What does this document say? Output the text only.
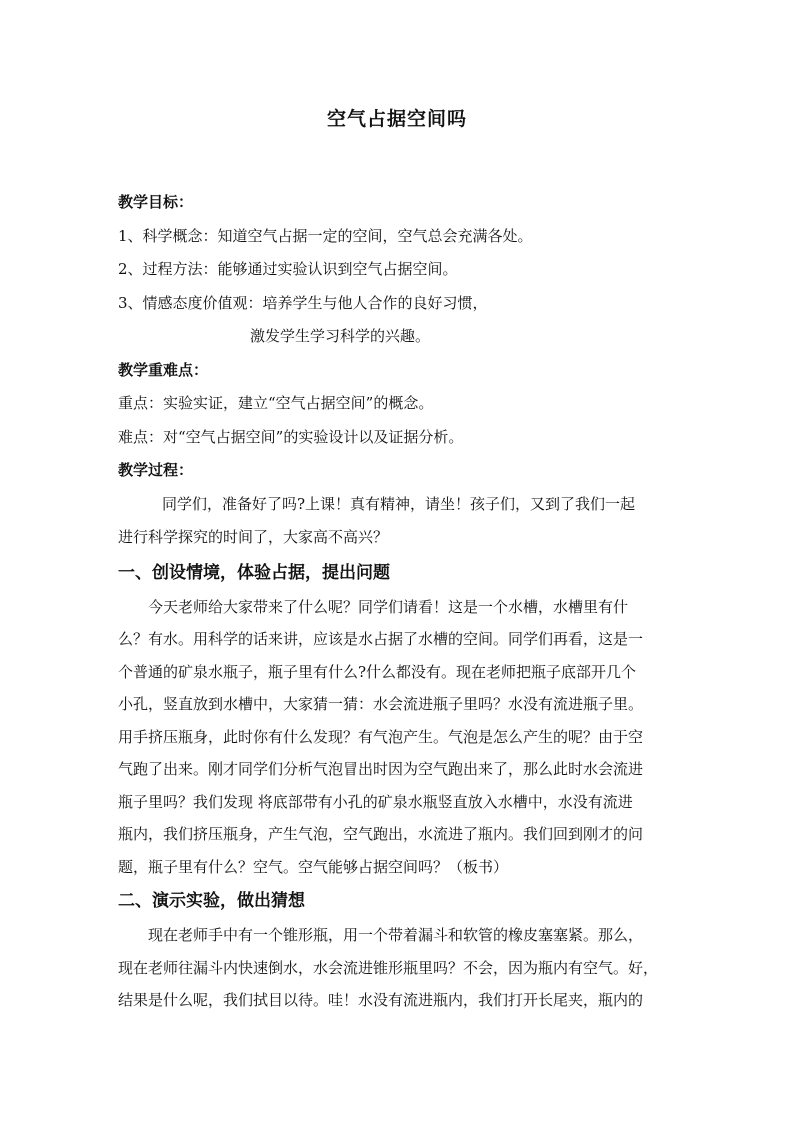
空气占据空间吗
教学目标：
1、科学概念：知道空气占据一定的空间，空气总会充满各处。
2、过程方法：能够通过实验认识到空气占据空间。
3、情感态度价值观：培养学生与他人合作的良好习惯，
激发学生学习科学的兴趣。
教学重难点：
重点：实验实证，建立“空气占据空间”的概念。
难点：对“空气占据空间”的实验设计以及证据分析。
教学过程：
同学们，准备好了吗?上课！真有精神，请坐！孩子们，又到了我们一起
进行科学探究的时间了，大家高不高兴？
一、创设情境，体验占据，提出问题
今天老师给大家带来了什么呢？同学们请看！这是一个水槽，水槽里有什
么？有水。用科学的话来讲，应该是水占据了水槽的空间。同学们再看，这是一
个普通的矿泉水瓶子，瓶子里有什么?什么都没有。现在老师把瓶子底部开几个
小孔，竖直放到水槽中，大家猜一猜：水会流进瓶子里吗？水没有流进瓶子里。
用手挤压瓶身，此时你有什么发现？有气泡产生。气泡是怎么产生的呢？由于空
气跑了出来。刚才同学们分析气泡冒出时因为空气跑出来了，那么此时水会流进
瓶子里吗？我们发现 将底部带有小孔的矿泉水瓶竖直放入水槽中，水没有流进
瓶内，我们挤压瓶身，产生气泡，空气跑出，水流进了瓶内。我们回到刚才的问
题，瓶子里有什么？空气。空气能够占据空间吗？（板书）
二、演示实验，做出猜想
现在老师手中有一个锥形瓶，用一个带着漏斗和软管的橡皮塞塞紧。那么，
现在老师往漏斗内快速倒水，水会流进锥形瓶里吗？不会，因为瓶内有空气。好，
结果是什么呢，我们拭目以待。哇！水没有流进瓶内，我们打开长尾夹，瓶内的
